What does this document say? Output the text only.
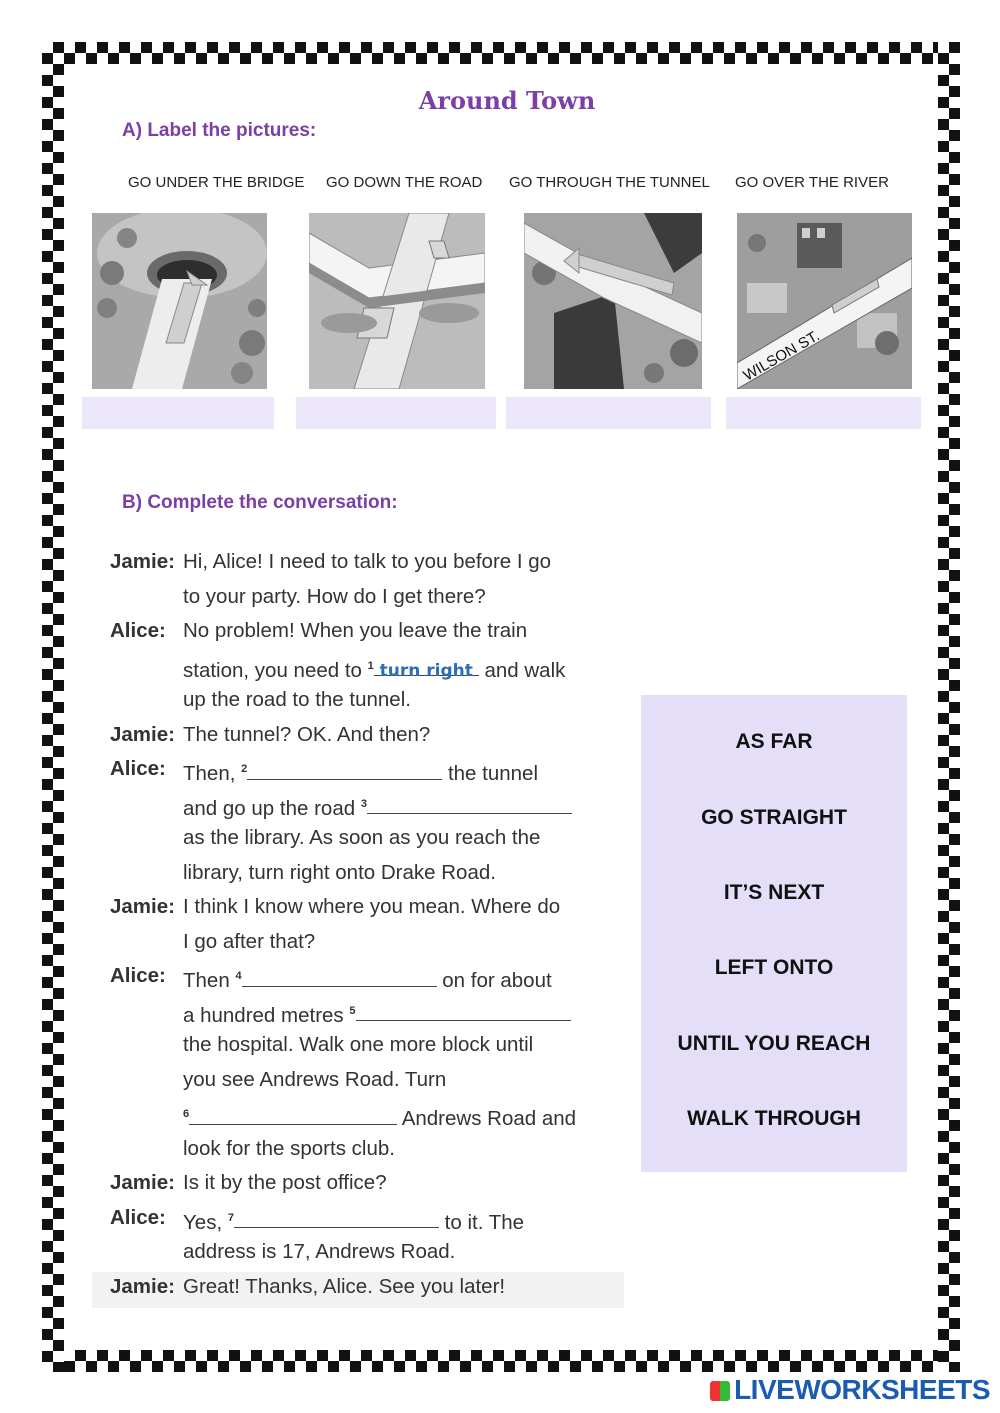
Around Town
A) Label the pictures:
GO UNDER THE BRIDGE GO DOWN THE ROAD GO THROUGH THE TUNNEL GO OVER THE RIVER
WILSON ST.
B) Complete the conversation:
Jamie: Hi, Alice! I need to talk to you before I go
to your party. How do I get there?
Alice: No problem! When you leave the train
station, you need to $^1$ turn right and walk
up the road to the tunnel.
Jamie: The tunnel? OK. And then?
Alice: Then, $^2$	the tunnel
and go up the road $^3$
as the library. As soon as you reach the
library, turn right onto Drake Road.
Jamie: I think I know where you mean. Where do
I go after that?
Alice: Then $^4$	on for about
a hundred metres $^5$
the hospital. Walk one more block until
you see Andrews Road. Turn
$^6$	Andrews Road and
look for the sports club.
Jamie: Is it by the post office?
Alice: Yes, $^7$	to it. The
address is 17, Andrews Road.
Jamie: Great! Thanks, Alice. See you later!
AS FAR
GO STRAIGHT
IT’S NEXT
LEFT ONTO
UNTIL YOU REACH
WALK THROUGH
LIVEWORKSHEETS
